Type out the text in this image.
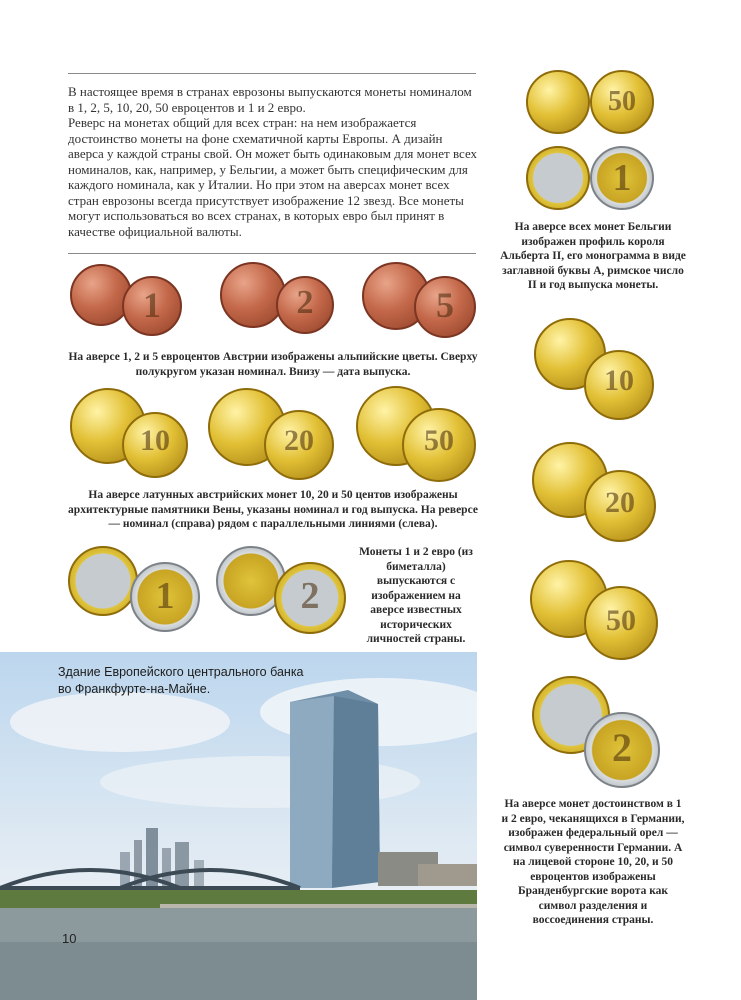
В настоящее время в странах еврозоны выпускаются монеты номиналом в 1, 2, 5, 10, 20, 50 евроцентов и 1 и 2 евро.

Реверс на монетах общий для всех стран: на нем изображается достоинство монеты на фоне схематичной карты Европы. А дизайн аверса у каждой страны свой. Он может быть одинаковым для монет всех номиналов, как, например, у Бельгии, а может быть специфическим для каждого номинала, как у Италии. Но при этом на аверсах монет всех стран еврозоны всегда присутствует изображение 12 звезд. Все монеты могут использоваться во всех странах, в которых евро был принят в качестве официальной валюты.

1	2	5
На аверсе 1, 2 и 5 евроцентов Австрии изображены альпийские цветы. Сверху полукругом указан номинал. Внизу — дата выпуска.
10	20	50
На аверсе латунных австрийских монет 10, 20 и 50 центов изображены архитектурные памятники Вены, указаны номинал и год выпуска. На реверсе — номинал (справа) рядом с параллельными линиями (слева).
1	2
Монеты 1 и 2 евро (из биметалла) выпускаются с изображением на аверсе известных исторических личностей страны.
Здание Европейского центрального банка во Франкфурте-на-Майне.
10
50
1
На аверсе всех монет Бельгии изображен профиль короля Альберта II, его монограмма в виде заглавной буквы А, римское число II и год выпуска монеты.
10
20
50
2
На аверсе монет достоинством в 1 и 2 евро, чеканящихся в Германии, изображен федеральный орел — символ суверенности Германии. А на лицевой стороне 10, 20, и 50 евроцентов изображены Бранденбургские ворота как символ разделения и воссоединения страны.
